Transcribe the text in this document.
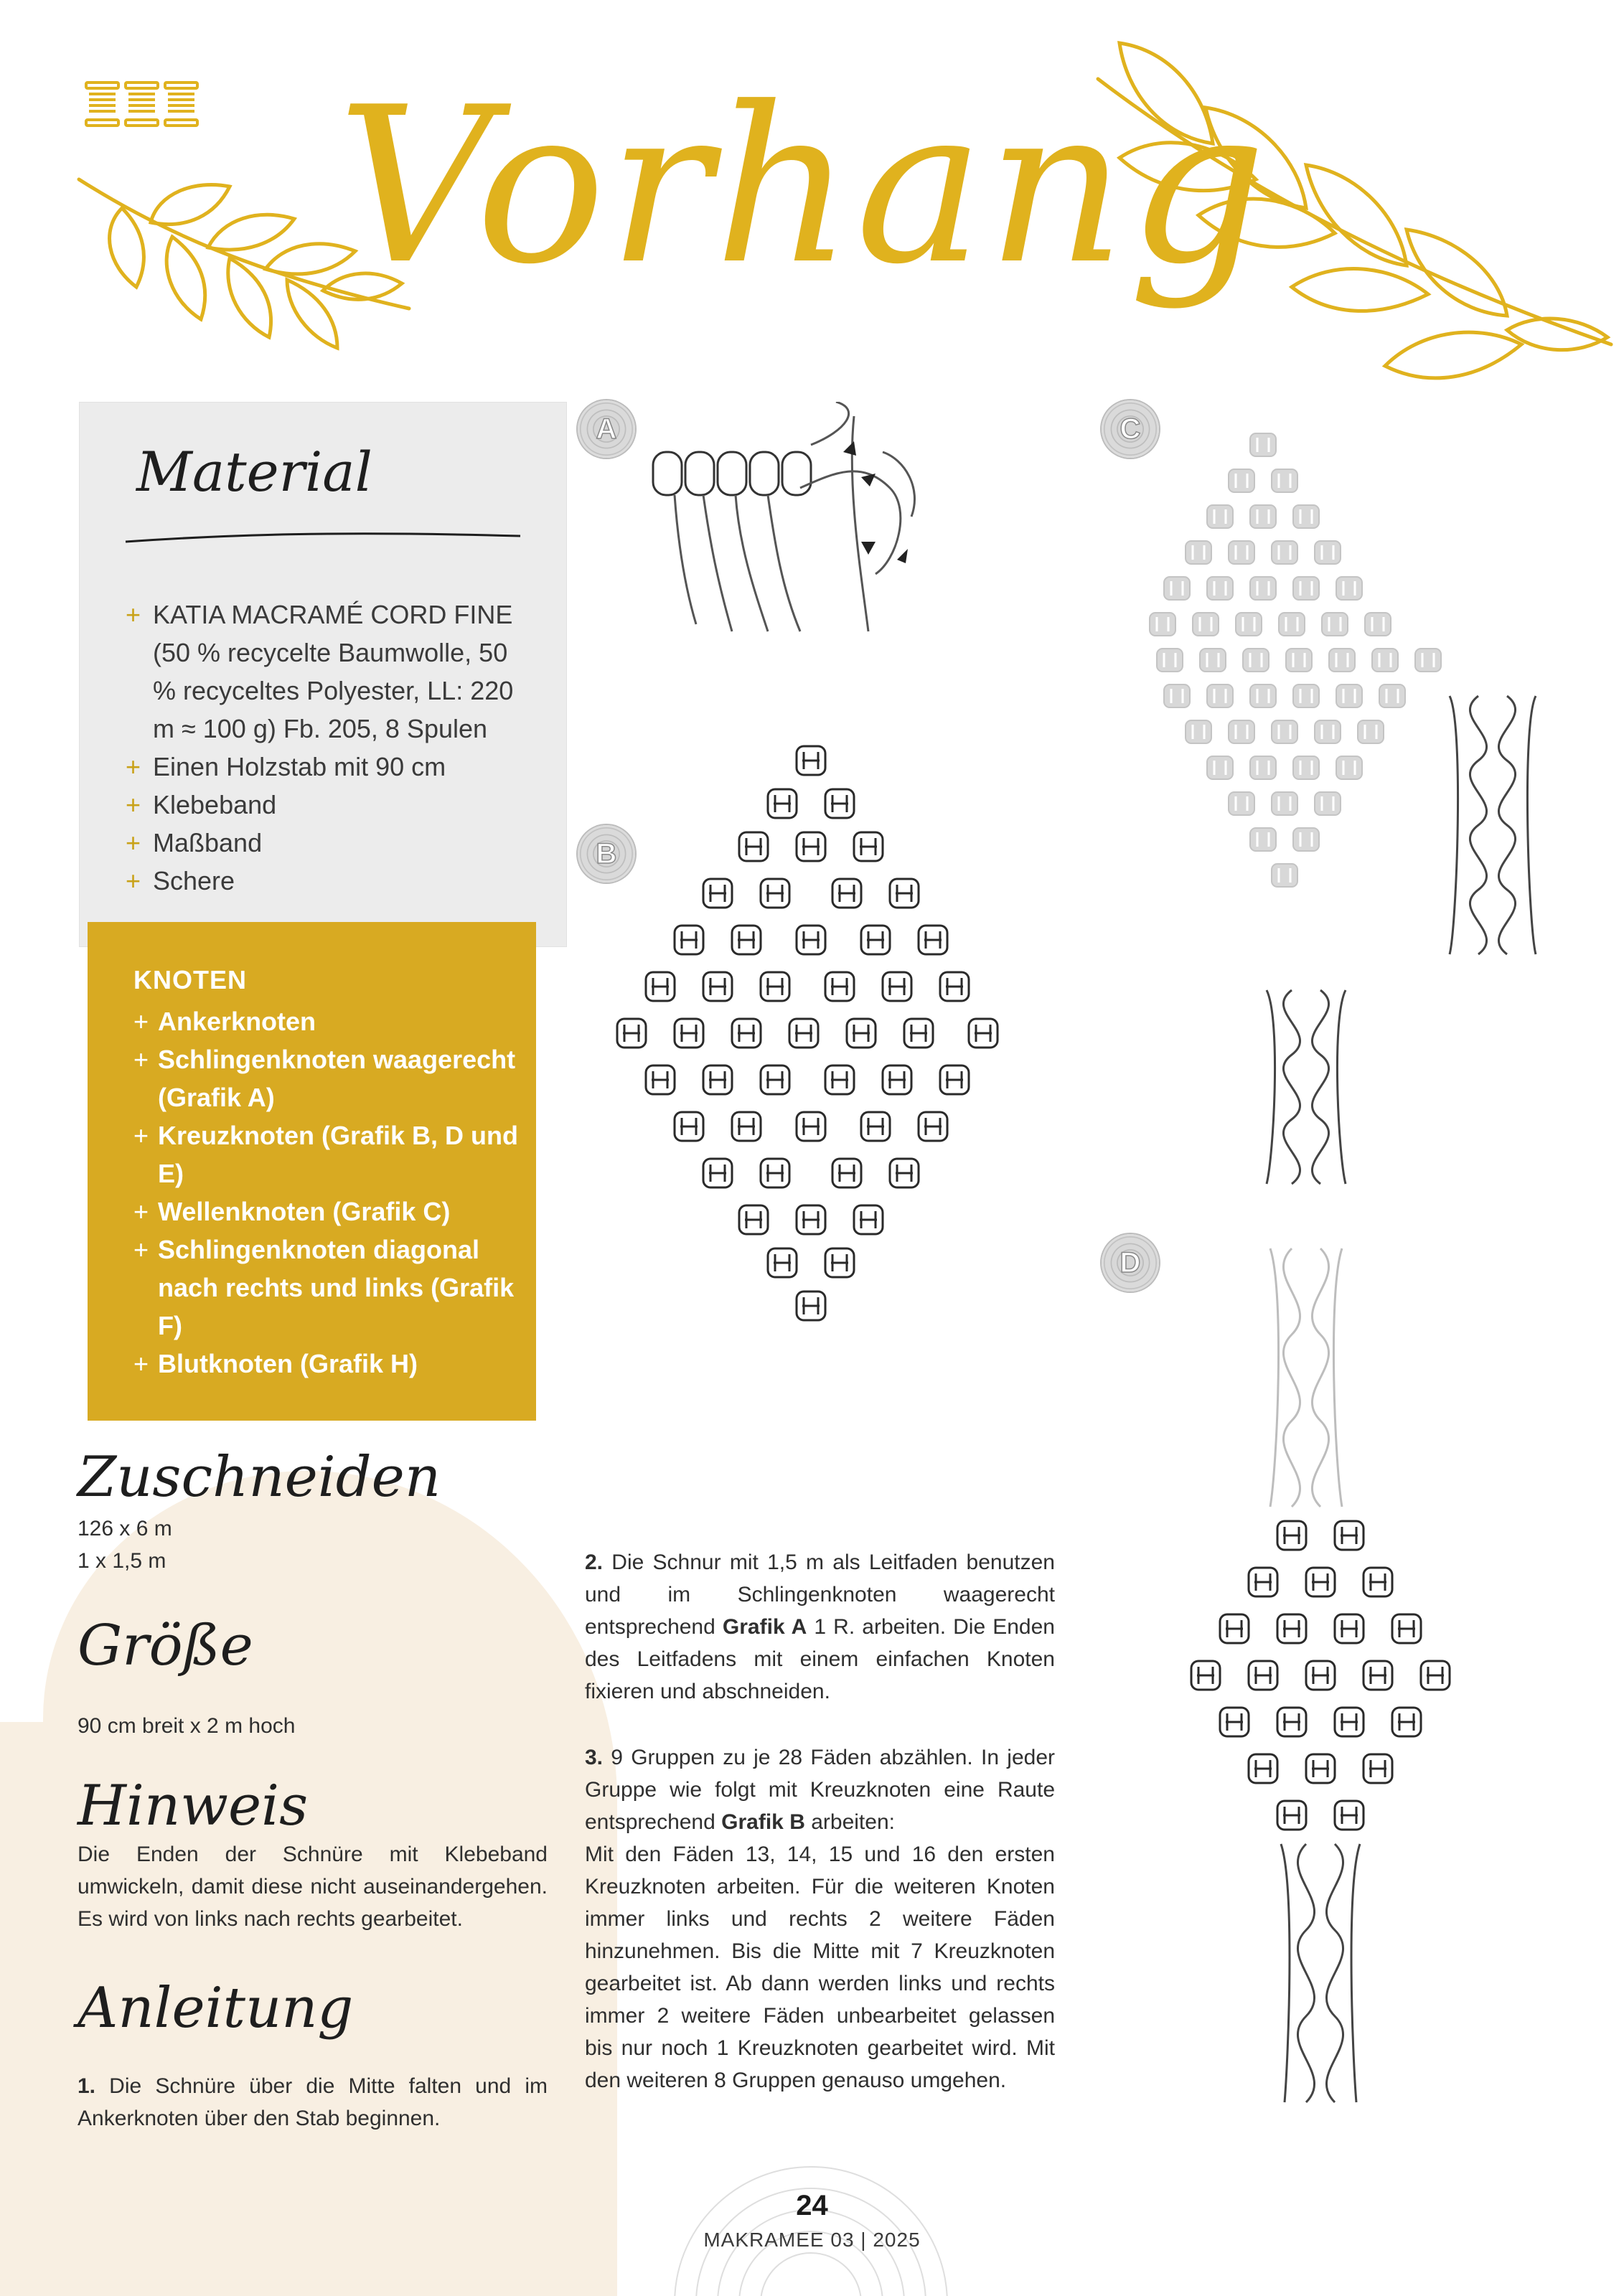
Vorhang
Material
+ KATIA MACRAMÉ CORD FINE (50 % recycelte Baumwolle, 50 % recyceltes Polyester, LL: 220 m ≈ 100 g) Fb. 205, 8 Spulen
+ Einen Holzstab mit 90 cm
+ Klebeband
+ Maßband
+ Schere
KNOTEN
+ Ankerknoten
+ Schlingenknoten waagerecht (Grafik A)
+ Kreuzknoten (Grafik B, D und E)
+ Wellenknoten (Grafik C)
+ Schlingenknoten diagonal nach rechts und links (Grafik F)
+ Blutknoten (Grafik H)
Zuschneiden
126 x 6 m
1 x 1,5 m
Größe
90 cm breit x 2 m hoch
Hinweis
Die Enden der Schnüre mit Klebeband umwickeln, damit diese nicht auseinandergehen. Es wird von links nach rechts gearbeitet.
Anleitung
1. Die Schnüre über die Mitte falten und im Ankerknoten über den Stab beginnen.
2. Die Schnur mit 1,5 m als Leitfaden benutzen und im Schlingenknoten waagerecht entsprechend Grafik A 1 R. arbeiten. Die Enden des Leitfadens mit einem einfachen Knoten fixieren und abschneiden.
3. 9 Gruppen zu je 28 Fäden abzählen. In jeder Gruppe wie folgt mit Kreuzknoten eine Raute entsprechend Grafik B arbeiten:
Mit den Fäden 13, 14, 15 und 16 den ersten Kreuzknoten arbeiten. Für die weiteren Knoten immer links und rechts 2 weitere Fäden hinzunehmen. Bis die Mitte mit 7 Kreuzknoten gearbeitet ist. Ab dann werden links und rechts immer 2 weitere Fäden unbearbeitet gelassen bis nur noch 1 Kreuzknoten gearbeitet wird. Mit den weiteren 8 Gruppen genauso umgehen.
A
B
C
D
24
MAKRAMEE 03 | 2025
